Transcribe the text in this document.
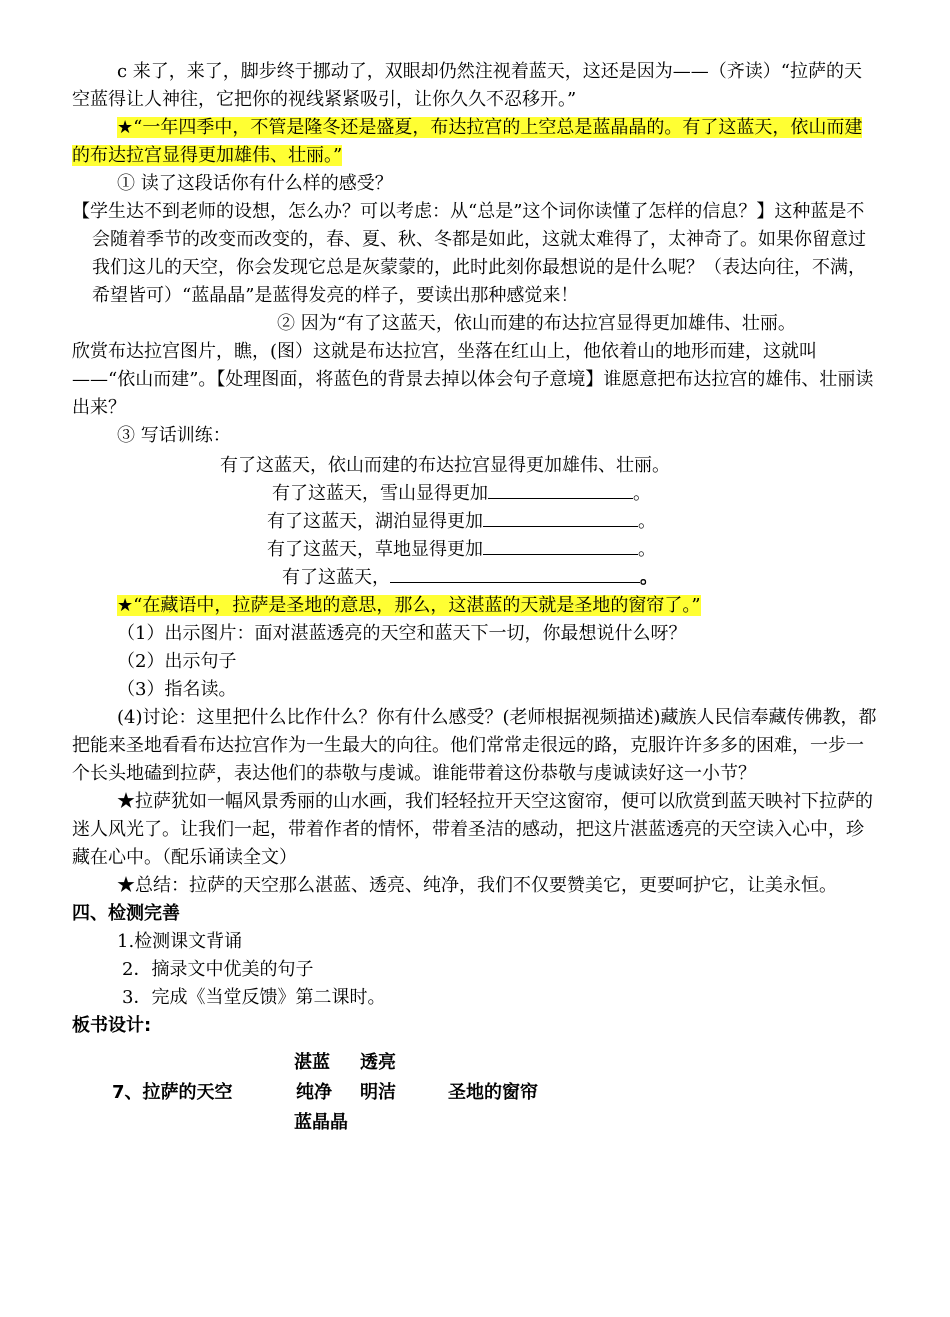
c 来了，来了，脚步终于挪动了，双眼却仍然注视着蓝天，这还是因为——（齐读）“拉萨的天空蓝得让人神往，它把你的视线紧紧吸引，让你久久不忍移开。”

★“一年四季中，不管是隆冬还是盛夏，布达拉宫的上空总是蓝晶晶的。有了这蓝天，依山而建的布达拉宫显得更加雄伟、壮丽。”

① 读了这段话你有什么样的感受？

【学生达不到老师的设想，怎么办？可以考虑：从“总是”这个词你读懂了怎样的信息？】这种蓝是不会随着季节的改变而改变的，春、夏、秋、冬都是如此，这就太难得了，太神奇了。如果你留意过我们这儿的天空，你会发现它总是灰蒙蒙的，此时此刻你最想说的是什么呢？（表达向往，不满，希望皆可）“蓝晶晶”是蓝得发亮的样子，要读出那种感觉来！

② 因为“有了这蓝天，依山而建的布达拉宫显得更加雄伟、壮丽。

欣赏布达拉宫图片，瞧，(图）这就是布达拉宫，坐落在红山上，他依着山的地形而建，这就叫——“依山而建”。【处理图面，将蓝色的背景去掉以体会句子意境】谁愿意把布达拉宫的雄伟、壮丽读出来？

③ 写话训练：

有了这蓝天，依山而建的布达拉宫显得更加雄伟、壮丽。

有了这蓝天，雪山显得更加	。

有了这蓝天，湖泊显得更加	。

有了这蓝天，草地显得更加	。

有了这蓝天，	。

★“在藏语中，拉萨是圣地的意思，那么，这湛蓝的天就是圣地的窗帘了。”

（1）出示图片：面对湛蓝透亮的天空和蓝天下一切，你最想说什么呀？

（2）出示句子

（3）指名读。

(4)讨论：这里把什么比作什么？你有什么感受？(老师根据视频描述)藏族人民信奉藏传佛教，都把能来圣地看看布达拉宫作为一生最大的向往。他们常常走很远的路，克服许许多多的困难，一步一个长头地磕到拉萨，表达他们的恭敬与虔诚。谁能带着这份恭敬与虔诚读好这一小节？

★拉萨犹如一幅风景秀丽的山水画，我们轻轻拉开天空这窗帘，便可以欣赏到蓝天映衬下拉萨的迷人风光了。让我们一起，带着作者的情怀，带着圣洁的感动，把这片湛蓝透亮的天空读入心中，珍藏在心中。（配乐诵读全文）

★总结：拉萨的天空那么湛蓝、透亮、纯净，我们不仅要赞美它，更要呵护它，让美永恒。

四、检测完善

1.检测课文背诵

2．摘录文中优美的句子

3．完成《当堂反馈》第二课时。

板书设计:

湛蓝 透亮
7、拉萨的天空	纯净 明洁	圣地的窗帘
蓝晶晶
